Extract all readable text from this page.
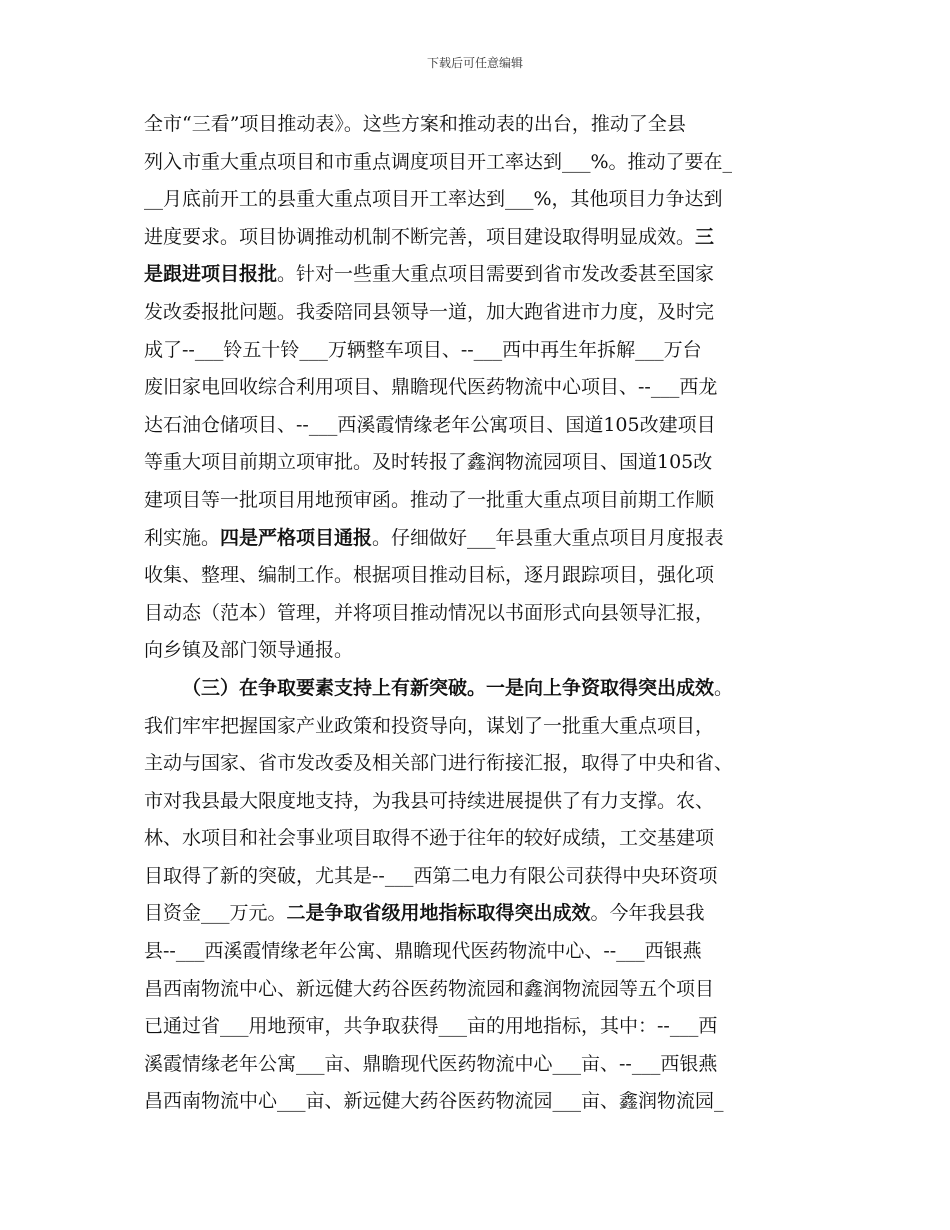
下载后可任意编辑
全市“三看”项目推动表》。这些方案和推动表的出台，推动了全县
列入市重大重点项目和市重点调度项目开工率达到___%。推动了要在_
__月底前开工的县重大重点项目开工率达到___%，其他项目力争达到
进度要求。项目协调推动机制不断完善，项目建设取得明显成效。三
是跟进项目报批。针对一些重大重点项目需要到省市发改委甚至国家
发改委报批问题。我委陪同县领导一道，加大跑省进市力度，及时完
成了--___铃五十铃___万辆整车项目、--___西中再生年拆解___万台
废旧家电回收综合利用项目、鼎瞻现代医药物流中心项目、--___西龙
达石油仓储项目、--___西溪霞情缘老年公寓项目、国道105改建项目
等重大项目前期立项审批。及时转报了鑫润物流园项目、国道105改
建项目等一批项目用地预审函。推动了一批重大重点项目前期工作顺
利实施。四是严格项目通报。仔细做好___年县重大重点项目月度报表
收集、整理、编制工作。根据项目推动目标，逐月跟踪项目，强化项
目动态（范本）管理，并将项目推动情况以书面形式向县领导汇报，
向乡镇及部门领导通报。
（三）在争取要素支持上有新突破。一是向上争资取得突出成效。
我们牢牢把握国家产业政策和投资导向，谋划了一批重大重点项目，
主动与国家、省市发改委及相关部门进行衔接汇报，取得了中央和省、
市对我县最大限度地支持，为我县可持续进展提供了有力支撑。农、
林、水项目和社会事业项目取得不逊于往年的较好成绩，工交基建项
目取得了新的突破，尤其是--___西第二电力有限公司获得中央环资项
目资金___万元。二是争取省级用地指标取得突出成效。今年我县我
县--___西溪霞情缘老年公寓、鼎瞻现代医药物流中心、--___西银燕
昌西南物流中心、新远健大药谷医药物流园和鑫润物流园等五个项目
已通过省___用地预审，共争取获得___亩的用地指标，其中：--___西
溪霞情缘老年公寓___亩、鼎瞻现代医药物流中心___亩、--___西银燕
昌西南物流中心___亩、新远健大药谷医药物流园___亩、鑫润物流园_
